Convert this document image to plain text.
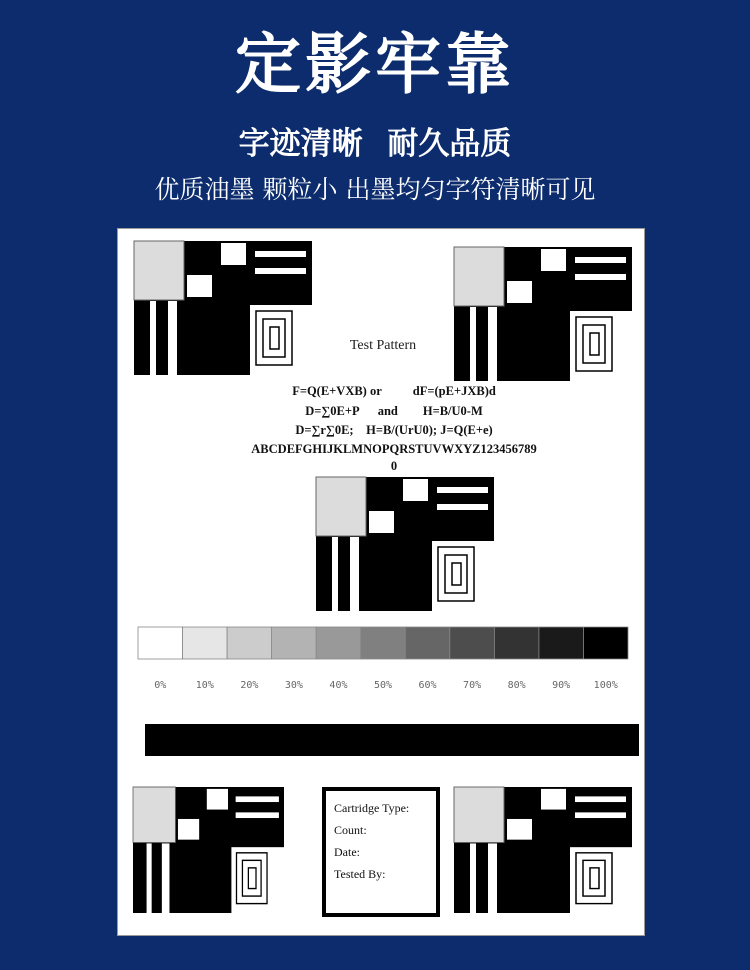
定影牢靠
字迹清晰 耐久品质
优质油墨 颗粒小 出墨均匀字符清晰可见
Test Pattern
F=Q(E+VXB) or          dF=(pE+JXB)d
D=∑0E+P      and        H=B/U0-M
D=∑r∑0E;    H=B/(UrU0); J=Q(E+e)
ABCDEFGHIJKLMNOPQRSTUVWXYZ123456789
0
0%	10%	20%	30%	40%	50%	60%	70%	80%	90% 100%
Cartridge Type:
Count:
Date:
Tested By:
